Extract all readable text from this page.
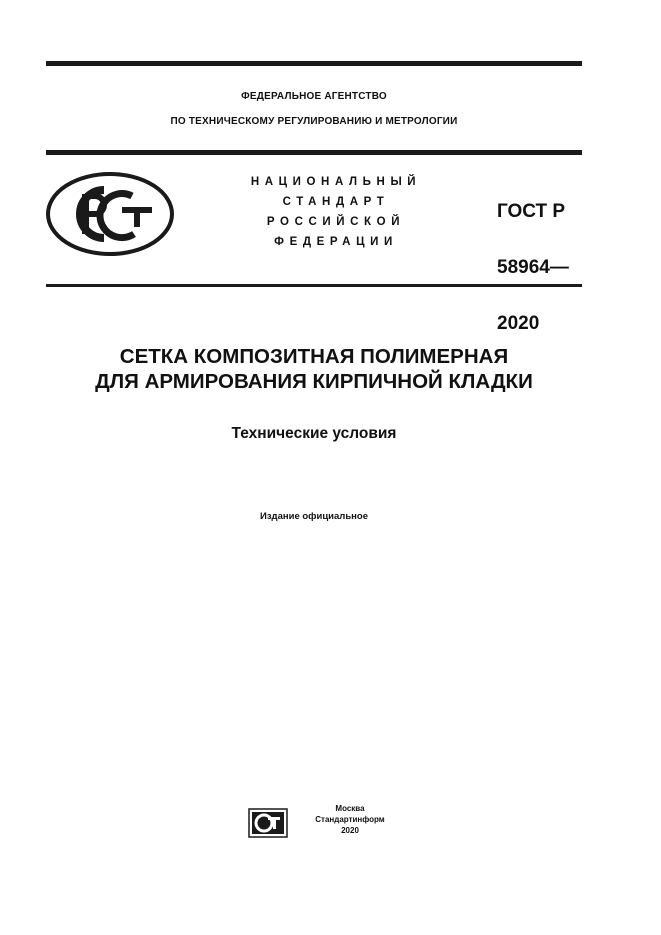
ФЕДЕРАЛЬНОЕ АГЕНТСТВО
ПО ТЕХНИЧЕСКОМУ РЕГУЛИРОВАНИЮ И МЕТРОЛОГИИ
НАЦИОНАЛЬНЫЙ
СТАНДАРТ
РОССИЙСКОЙ
ФЕДЕРАЦИИ

ГОСТ Р

58964—

2020

СЕТКА КОМПОЗИТНАЯ ПОЛИМЕРНАЯ
ДЛЯ АРМИРОВАНИЯ КИРПИЧНОЙ КЛАДКИ
Технические условия
Издание официальное
Москва
Стандартинформ
2020
